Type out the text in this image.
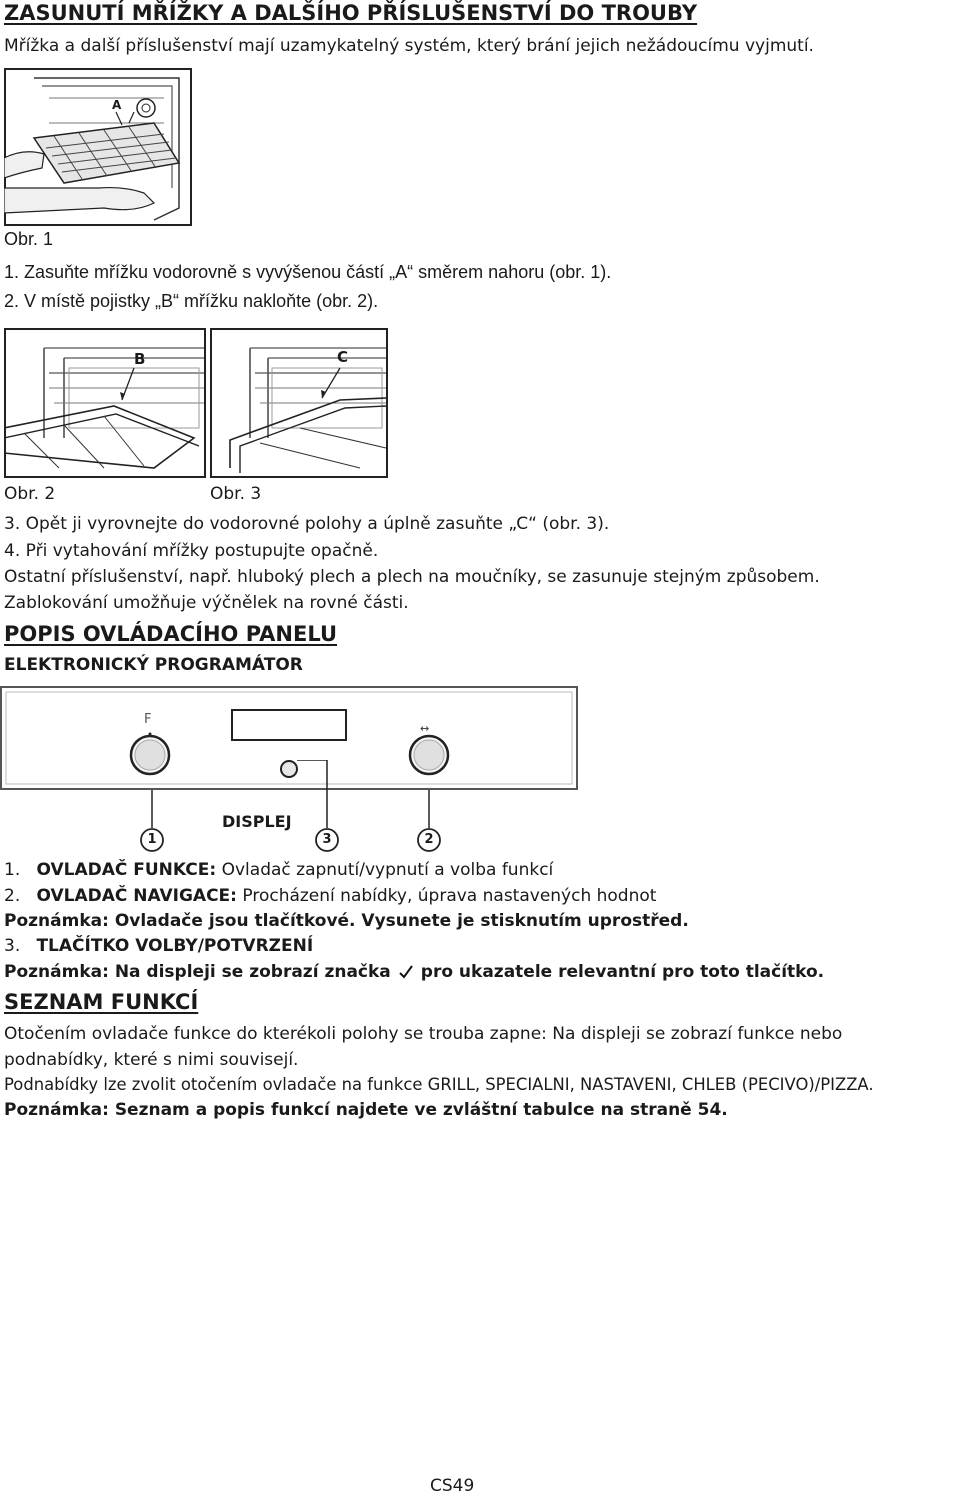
ZASUNUTÍ MŘÍŽKY A DALŠÍHO PŘÍSLUŠENSTVÍ DO TROUBY
Mřížka a další příslušenství mají uzamykatelný systém, který brání jejich nežádoucímu vyjmutí.
A
Obr. 1
1. Zasuňte mřížku vodorovně s vyvýšenou částí „A“ směrem nahoru (obr. 1).
2. V místě pojistky „B“ mřížku nakloňte (obr. 2).
B	C
Obr. 2	Obr. 3
3. Opět ji vyrovnejte do vodorovné polohy a úplně zasuňte „C“ (obr. 3).
4. Při vytahování mřížky postupujte opačně.
Ostatní příslušenství, např. hluboký plech a plech na moučníky, se zasunuje stejným způsobem.
Zablokování umožňuje výčnělek na rovné části.
POPIS OVLÁDACÍHO PANELU
ELEKTRONICKÝ PROGRAMÁTOR
F
↔
1	3	2
DISPLEJ
1. OVLADAČ FUNKCE: Ovladač zapnutí/vypnutí a volba funkcí
2. OVLADAČ NAVIGACE: Procházení nabídky, úprava nastavených hodnot
Poznámka: Ovladače jsou tlačítkové. Vysunete je stisknutím uprostřed.
3. TLAČÍTKO VOLBY/POTVRZENÍ
Poznámka: Na displeji se zobrazí značka pro ukazatele relevantní pro toto tlačítko.
SEZNAM FUNKCÍ
Otočením ovladače funkce do kterékoli polohy se trouba zapne: Na displeji se zobrazí funkce nebo
podnabídky, které s nimi souvisejí.
Podnabídky lze zvolit otočením ovladače na funkce GRILL, SPECIALNI, NASTAVENI, CHLEB (PECIVO)/PIZZA.
Poznámka: Seznam a popis funkcí najdete ve zvláštní tabulce na straně 54.
CS49
